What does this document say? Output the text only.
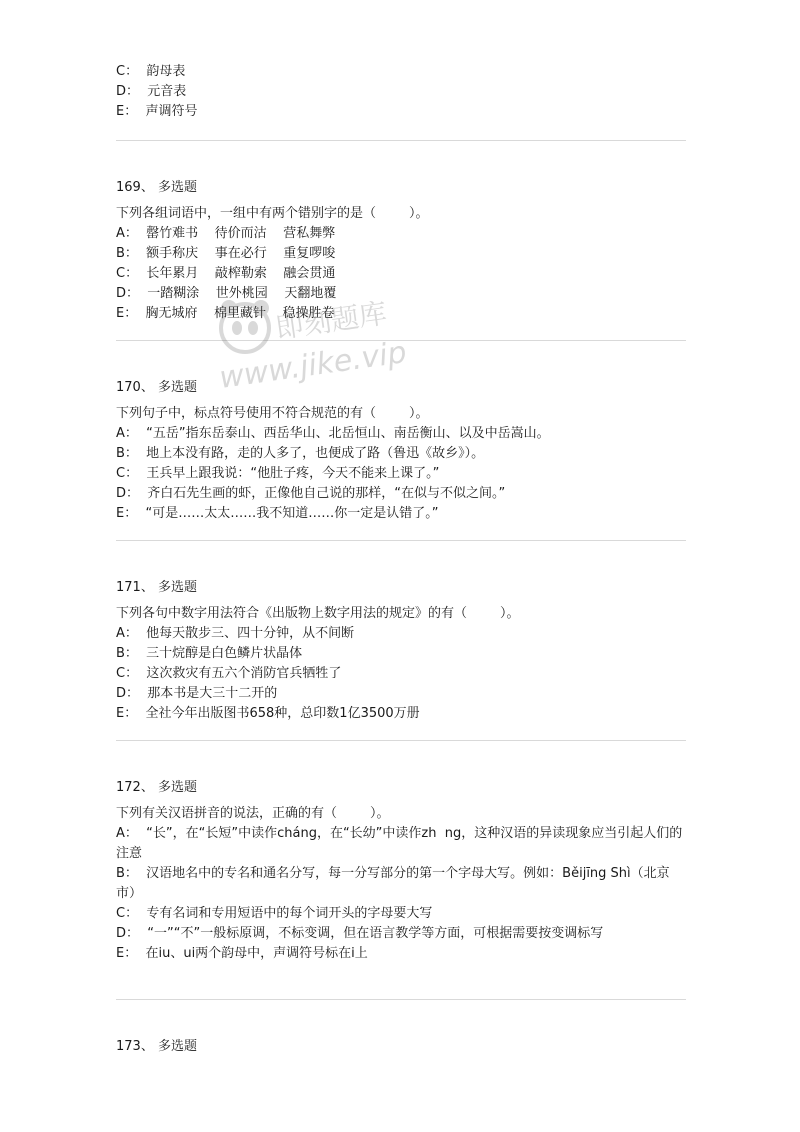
C：  韵母表
D：  元音表
E：  声调符号
169、 多选题
下列各组词语中，一组中有两个错别字的是（        ）。
A：  罄竹难书    待价而沽    营私舞弊
B：  额手称庆    事在必行    重复啰唆
C：  长年累月    敲榨勒索    融会贯通
D：  一踏糊涂    世外桃园    天翻地覆
E：  胸无城府    棉里藏针    稳操胜卷
170、 多选题
下列句子中，标点符号使用不符合规范的有（        ）。
A：  “五岳”指东岳泰山、西岳华山、北岳恒山、南岳衡山、以及中岳嵩山。
B：  地上本没有路，走的人多了，也便成了路（鲁迅《故乡》）。
C：  王兵早上跟我说：“他肚子疼，今天不能来上课了。”
D：  齐白石先生画的虾，正像他自己说的那样，“在似与不似之间。”
E：  “可是……太太……我不知道……你一定是认错了。”
171、 多选题
下列各句中数字用法符合《出版物上数字用法的规定》的有（        ）。
A：  他每天散步三、四十分钟，从不间断
B：  三十烷醇是白色鳞片状晶体
C：  这次救灾有五六个消防官兵牺牲了
D：  那本书是大三十二开的
E：  全社今年出版图书658种，总印数1亿3500万册
172、 多选题
下列有关汉语拼音的说法，正确的有（        ）。
A：  “长”，在“长短”中读作cháng，在“长幼”中读作zh  ng，这种汉语的异读现象应当引起人们的注意
B：  汉语地名中的专名和通名分写，每一分写部分的第一个字母大写。例如：Běijīng Shì（北京市）
C：  专有名词和专用短语中的每个词开头的字母要大写
D：  “一”“不”一般标原调，不标变调，但在语言教学等方面，可根据需要按变调标写
E：  在iu、ui两个韵母中，声调符号标在i上
173、 多选题
即刻题库
www.jike.vip
